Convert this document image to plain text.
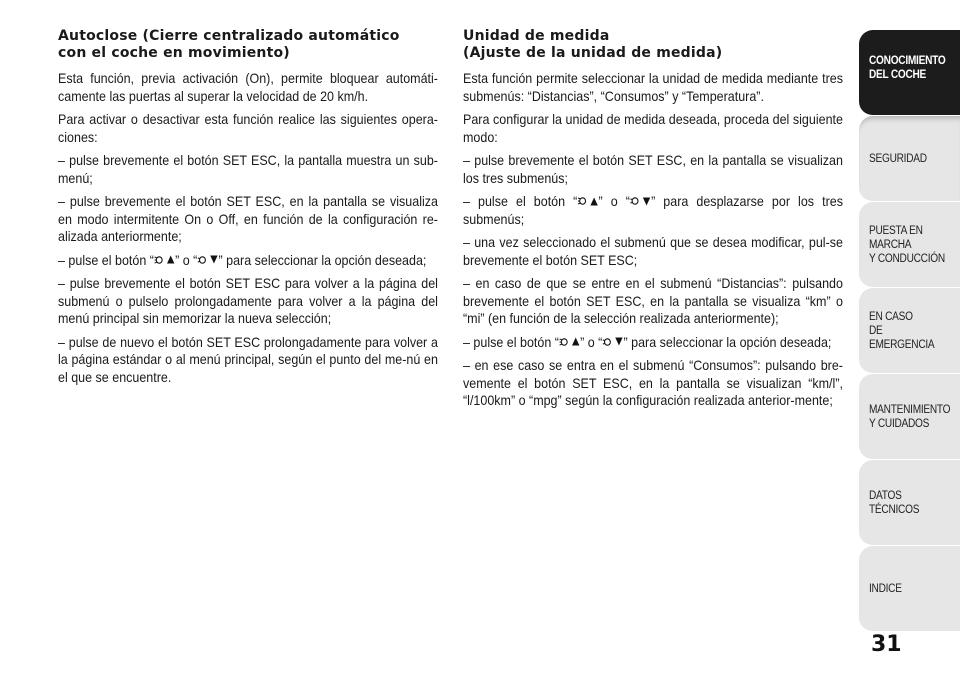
Autoclose (Cierre centralizado automático
con el coche en movimiento)
Esta función, previa activación (On), permite bloquear automáti-camente las puertas al superar la velocidad de 20 km/h.
Para activar o desactivar esta función realice las siguientes opera-ciones:
– pulse brevemente el botón SET ESC, la pantalla muestra un sub-menú;
– pulse brevemente el botón SET ESC, en la pantalla se visualiza en modo intermitente On o Off, en función de la configuración re-alizada anteriormente;
– pulse el botón “ ” o “ ” para seleccionar la opción deseada;
– pulse brevemente el botón SET ESC para volver a la página del submenú o pulselo prolongadamente para volver a la página del menú principal sin memorizar la nueva selección;
– pulse de nuevo el botón SET ESC prolongadamente para volver a la página estándar o al menú principal, según el punto del me-nú en el que se encuentre.
Unidad de medida
(Ajuste de la unidad de medida)
Esta función permite seleccionar la unidad de medida mediante tres submenús: “Distancias”, “Consumos” y “Temperatura”.
Para configurar la unidad de medida deseada, proceda del siguiente modo:
– pulse brevemente el botón SET ESC, en la pantalla se visualizan los tres submenús;
– pulse el botón “ ” o “ ” para desplazarse por los tres submenús;
– una vez seleccionado el submenú que se desea modificar, pul-se brevemente el botón SET ESC;
– en caso de que se entre en el submenú “Distancias”: pulsando brevemente el botón SET ESC, en la pantalla se visualiza “km” o “mi” (en función de la selección realizada anteriormente);
– pulse el botón “ ” o “ ” para seleccionar la opción deseada;
– en ese caso se entra en el submenú “Consumos”: pulsando bre-vemente el botón SET ESC, en la pantalla se visualizan “km/l”, “l/100km” o “mpg” según la configuración realizada anterior-mente;
CONOCIMIENTO
DEL COCHE
SEGURIDAD
PUESTA EN MARCHA
Y CONDUCCIÓN
EN CASO
DE EMERGENCIA
MANTENIMIENTO
Y CUIDADOS
DATOS TÉCNICOS
INDICE
31
